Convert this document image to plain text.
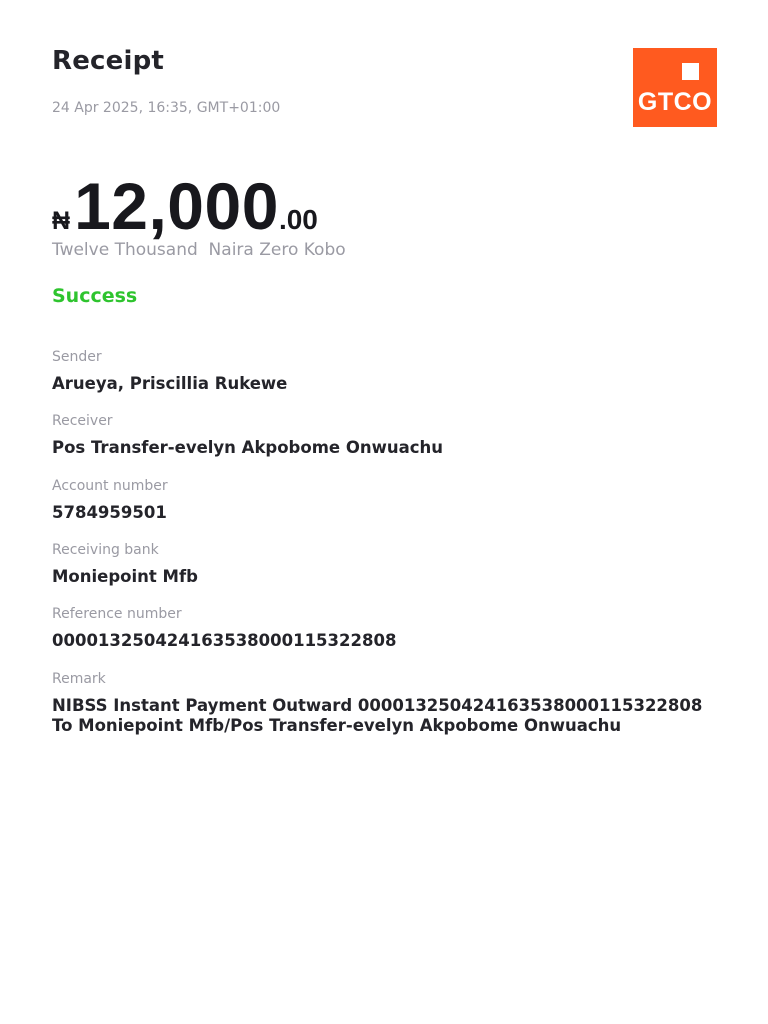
Receipt
24 Apr 2025, 16:35, GMT+01:00	GTCO
₦12,000.00
Twelve Thousand  Naira Zero Kobo
Success
Sender
Arueya, Priscillia Rukewe
Receiver
Pos Transfer-evelyn Akpobome Onwuachu
Account number
5784959501
Receiving bank
Moniepoint Mfb
Reference number
000013250424163538000115322808
Remark
NIBSS Instant Payment Outward 000013250424163538000115322808  To Moniepoint Mfb/Pos Transfer-evelyn Akpobome Onwuachu
